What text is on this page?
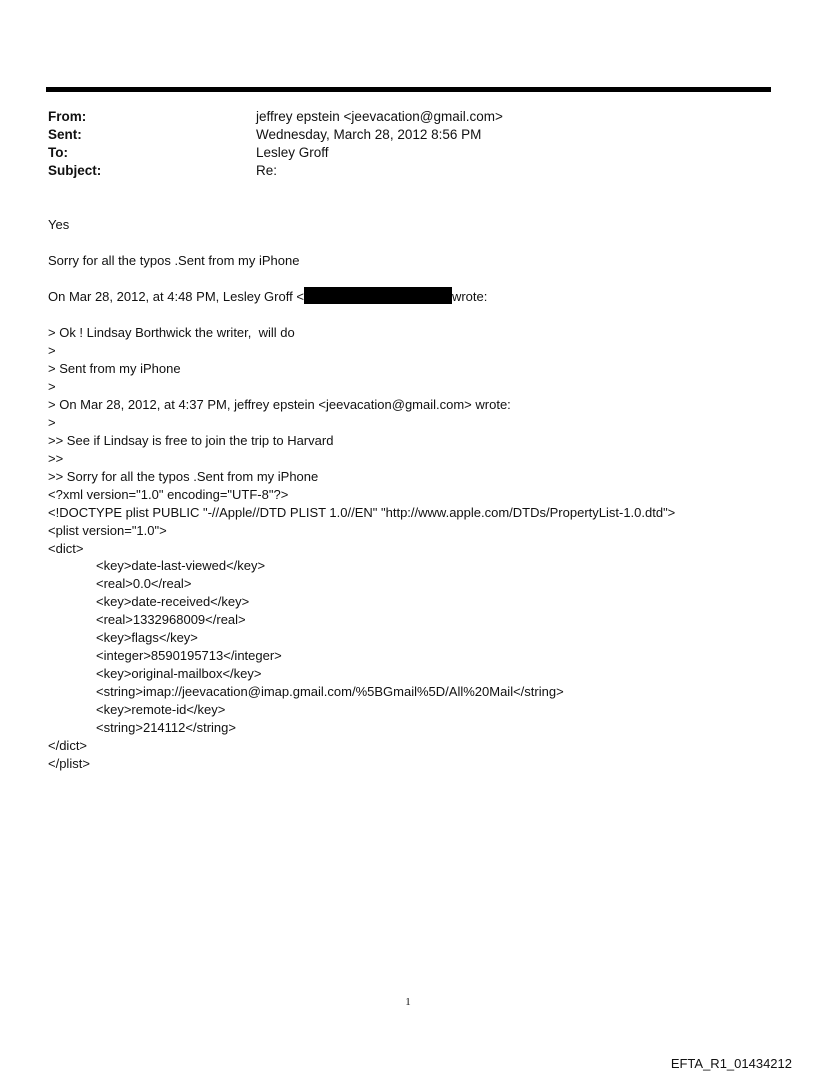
From:	jeffrey epstein <jeevacation@gmail.com>
Sent:	Wednesday, March 28, 2012 8:56 PM
To:	Lesley Groff
Subject:	Re:
Yes
Sorry for all the typos .Sent from my iPhone
On Mar 28, 2012, at 4:48 PM, Lesley Groff <	wrote:
> Ok ! Lindsay Borthwick the writer,  will do
>
> Sent from my iPhone
>
> On Mar 28, 2012, at 4:37 PM, jeffrey epstein <jeevacation@gmail.com> wrote:
>
>> See if Lindsay is free to join the trip to Harvard
>>
>> Sorry for all the typos .Sent from my iPhone
<?xml version="1.0" encoding="UTF-8"?>
<!DOCTYPE plist PUBLIC "-//Apple//DTD PLIST 1.0//EN" "http://www.apple.com/DTDs/PropertyList-1.0.dtd">
<plist version="1.0">
<dict>
<key>date-last-viewed</key>
<real>0.0</real>
<key>date-received</key>
<real>1332968009</real>
<key>flags</key>
<integer>8590195713</integer>
<key>original-mailbox</key>
<string>imap://jeevacation@imap.gmail.com/%5BGmail%5D/All%20Mail</string>
<key>remote-id</key>
<string>214112</string>
</dict>
</plist>
1
EFTA_R1_01434212
